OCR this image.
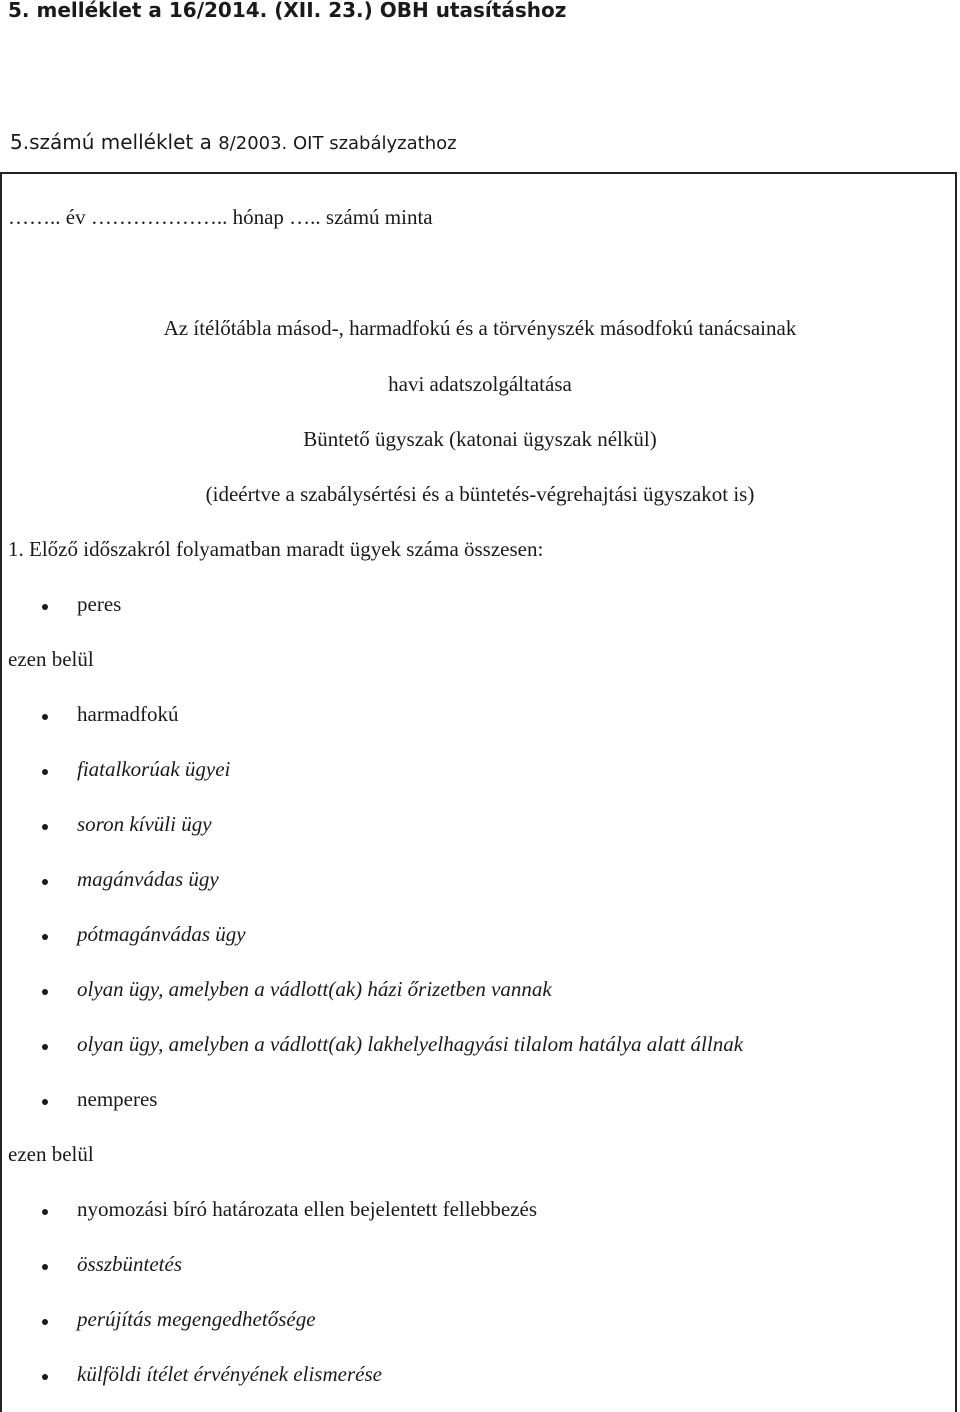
5. melléklet a 16/2014. (XII. 23.) OBH utasításhoz
5.számú melléklet a 8/2003. OIT szabályzathoz
…….. év ……………….. hónap ….. számú minta
Az ítélőtábla másod-, harmadfokú és a törvényszék másodfokú tanácsainak
havi adatszolgáltatása
Büntető ügyszak (katonai ügyszak nélkül)
(ideértve a szabálysértési és a büntetés-végrehajtási ügyszakot is)
1. Előző időszakról folyamatban maradt ügyek száma összesen:
peres
ezen belül
harmadfokú
fiatalkorúak ügyei
soron kívüli ügy
magánvádas ügy
pótmagánvádas ügy
olyan ügy, amelyben a vádlott(ak) házi őrizetben vannak
olyan ügy, amelyben a vádlott(ak) lakhelyelhagyási tilalom hatálya alatt állnak
nemperes
ezen belül
nyomozási bíró határozata ellen bejelentett fellebbezés
összbüntetés
perújítás megengedhetősége
külföldi ítélet érvényének elismerése
